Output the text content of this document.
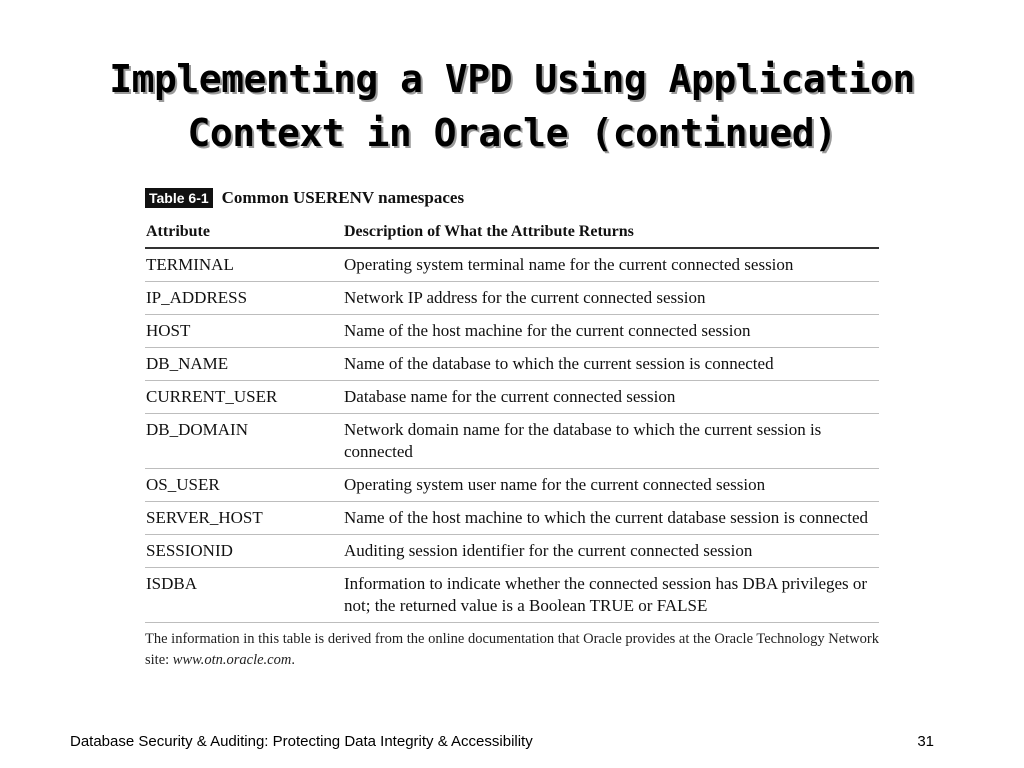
Implementing a VPD Using Application
Context in Oracle (continued)
Table 6-1 Common USERENV namespaces
Attribute	Description of What the Attribute Returns
TERMINAL	Operating system terminal name for the current connected session
IP_ADDRESS	Network IP address for the current connected session
HOST	Name of the host machine for the current connected session
DB_NAME	Name of the database to which the current session is connected
CURRENT_USER	Database name for the current connected session
DB_DOMAIN	Network domain name for the database to which the current session is connected
OS_USER	Operating system user name for the current connected session
SERVER_HOST	Name of the host machine to which the current database session is connected
SESSIONID	Auditing session identifier for the current connected session
ISDBA	Information to indicate whether the connected session has DBA privileges or not; the returned value is a Boolean TRUE or FALSE
The information in this table is derived from the online documentation that Oracle provides at the Oracle Technology Network site: www.otn.oracle.com.
Database Security & Auditing: Protecting Data Integrity & Accessibility	31
